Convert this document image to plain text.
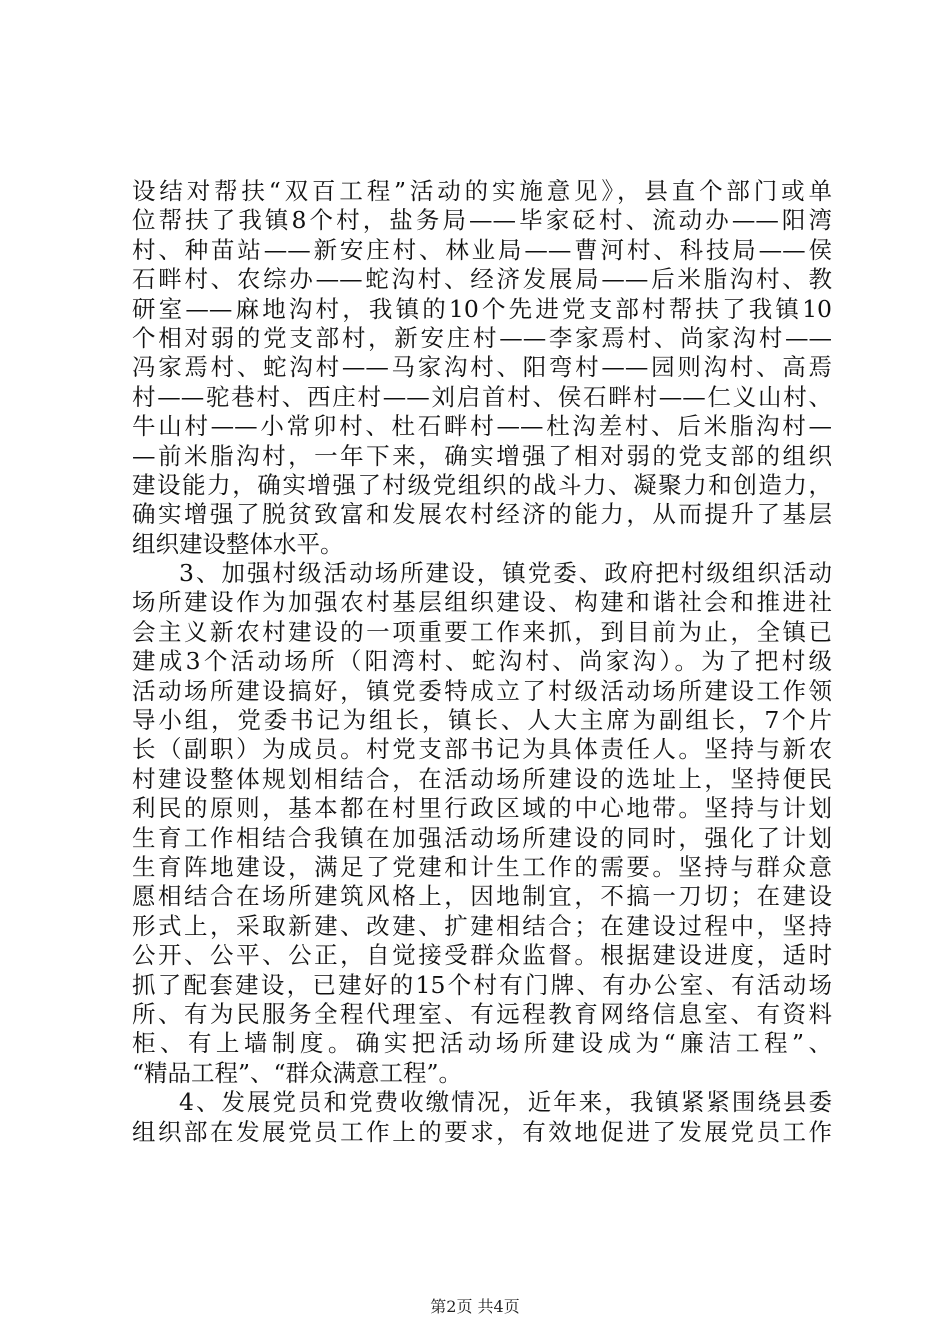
设结对帮扶“双百工程”活动的实施意见》，县直个部门或单
位帮扶了我镇8个村，盐务局——毕家砭村、流动办——阳湾
村、种苗站——新安庄村、林业局——曹河村、科技局——侯
石畔村、农综办——蛇沟村、经济发展局——后米脂沟村、教
研室——麻地沟村，我镇的10个先进党支部村帮扶了我镇10
个相对弱的党支部村，新安庄村——李家焉村、尚家沟村——
冯家焉村、蛇沟村——马家沟村、阳弯村——园则沟村、高焉
村——驼巷村、西庄村——刘启首村、侯石畔村——仁义山村、
牛山村——小常卯村、杜石畔村——杜沟差村、后米脂沟村—
—前米脂沟村，一年下来，确实增强了相对弱的党支部的组织
建设能力，确实增强了村级党组织的战斗力、凝聚力和创造力，
确实增强了脱贫致富和发展农村经济的能力，从而提升了基层
组织建设整体水平。
3、加强村级活动场所建设，镇党委、政府把村级组织活动
场所建设作为加强农村基层组织建设、构建和谐社会和推进社
会主义新农村建设的一项重要工作来抓，到目前为止，全镇已
建成3个活动场所（阳湾村、蛇沟村、尚家沟）。为了把村级
活动场所建设搞好，镇党委特成立了村级活动场所建设工作领
导小组，党委书记为组长，镇长、人大主席为副组长，7个片
长（副职）为成员。村党支部书记为具体责任人。坚持与新农
村建设整体规划相结合，在活动场所建设的选址上，坚持便民
利民的原则，基本都在村里行政区域的中心地带。坚持与计划
生育工作相结合我镇在加强活动场所建设的同时，强化了计划
生育阵地建设，满足了党建和计生工作的需要。坚持与群众意
愿相结合在场所建筑风格上，因地制宜，不搞一刀切；在建设
形式上，采取新建、改建、扩建相结合；在建设过程中，坚持
公开、公平、公正，自觉接受群众监督。根据建设进度，适时
抓了配套建设，已建好的15个村有门牌、有办公室、有活动场
所、有为民服务全程代理室、有远程教育网络信息室、有资料
柜、有上墙制度。确实把活动场所建设成为“廉洁工程”、
“精品工程”、“群众满意工程”。
4、发展党员和党费收缴情况，近年来，我镇紧紧围绕县委
组织部在发展党员工作上的要求，有效地促进了发展党员工作
第2页 共4页
